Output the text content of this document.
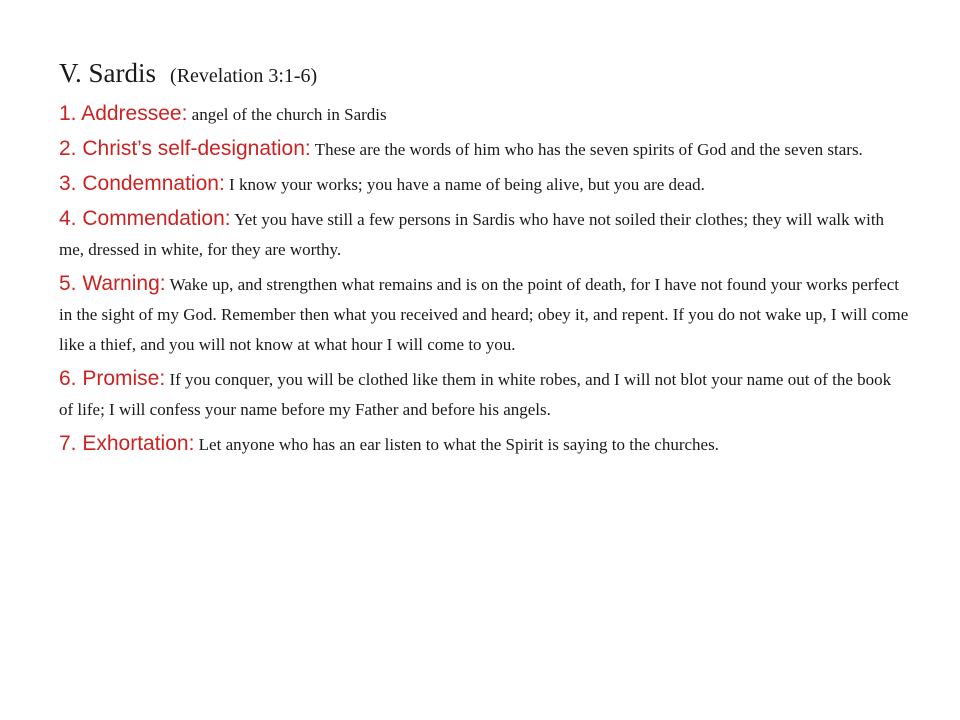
V. Sardis (Revelation 3:1-6)
1. Addressee: angel of the church in Sardis
2. Christ’s self-designation: These are the words of him who has the seven spirits of God and the seven stars.
3. Condemnation: I know your works; you have a name of being alive, but you are dead.
4. Commendation: Yet you have still a few persons in Sardis who have not soiled their clothes; they will walk with me, dressed in white, for they are worthy.
5. Warning: Wake up, and strengthen what remains and is on the point of death, for I have not found your works perfect in the sight of my God. Remember then what you received and heard; obey it, and repent. If you do not wake up, I will come like a thief, and you will not know at what hour I will come to you.
6. Promise: If you conquer, you will be clothed like them in white robes, and I will not blot your name out of the book of life; I will confess your name before my Father and before his angels.
7. Exhortation: Let anyone who has an ear listen to what the Spirit is saying to the churches.
